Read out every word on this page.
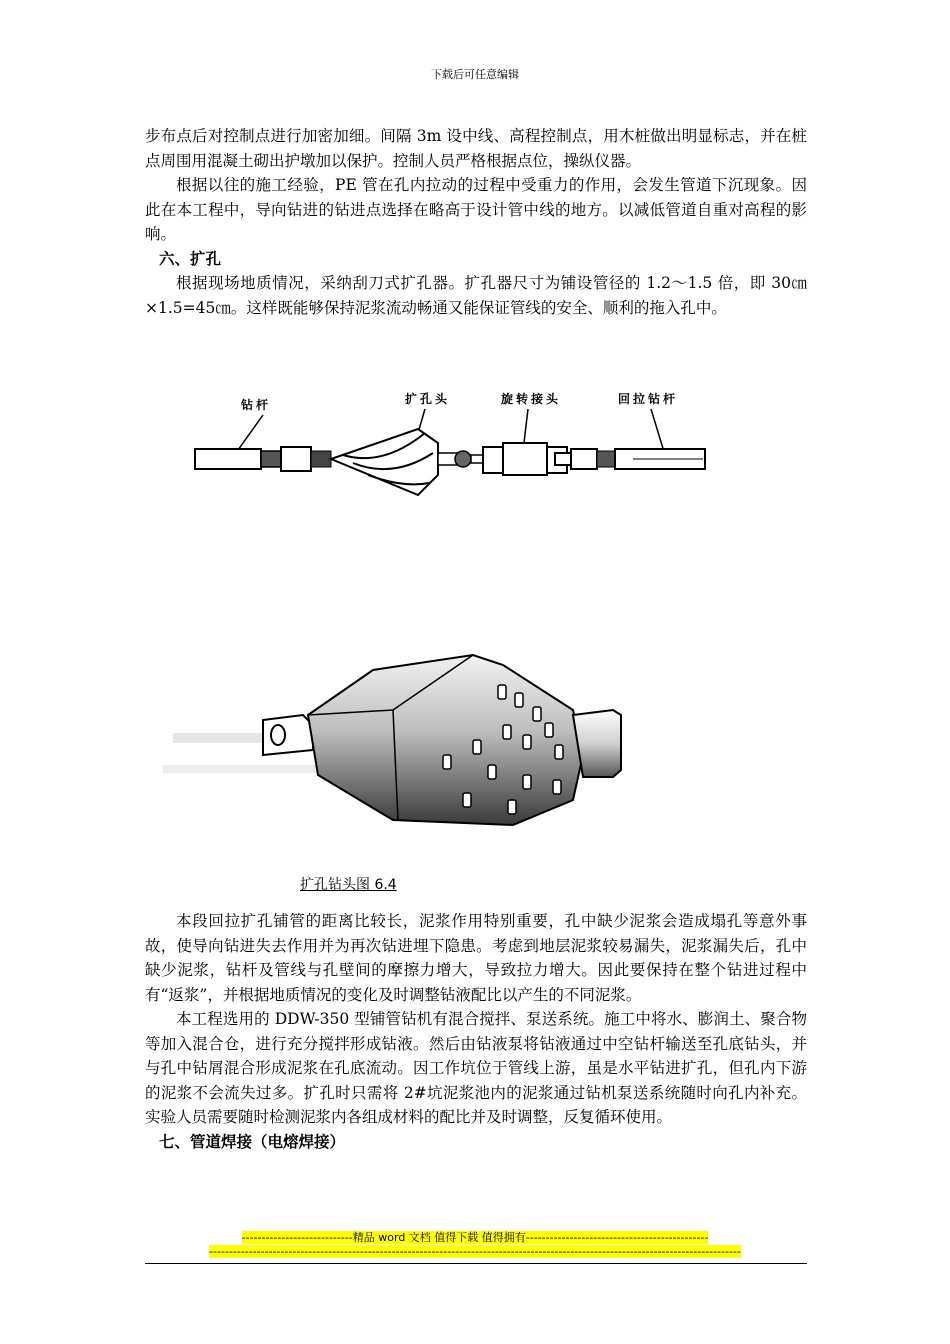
下载后可任意编辑

步布点后对控制点进行加密加细。间隔 3m 设中线、高程控制点，用木桩做出明显标志，并在桩点周围用混凝土砌出护墩加以保护。控制人员严格根据点位，操纵仪器。

根据以往的施工经验，PE 管在孔内拉动的过程中受重力的作用，会发生管道下沉现象。因此在本工程中，导向钻进的钻进点选择在略高于设计管中线的地方。以减低管道自重对高程的影响。

六、扩孔

根据现场地质情况，采纳刮刀式扩孔器。扩孔器尺寸为铺设管径的 1.2～1.5 倍，即 30㎝×1.5=45㎝。这样既能够保持泥浆流动畅通又能保证管线的安全、顺利的拖入孔中。

钻杆	扩孔头	旋转接头	回拉钻杆
扩孔钻头图 6.4

本段回拉扩孔铺管的距离比较长，泥浆作用特别重要，孔中缺少泥浆会造成塌孔等意外事故，使导向钻进失去作用并为再次钻进埋下隐患。考虑到地层泥浆较易漏失，泥浆漏失后，孔中缺少泥浆，钻杆及管线与孔壁间的摩擦力增大，导致拉力增大。因此要保持在整个钻进过程中有“返浆”，并根据地质情况的变化及时调整钻液配比以产生的不同泥浆。

本工程选用的 DDW-350 型铺管钻机有混合搅拌、泵送系统。施工中将水、膨润土、聚合物等加入混合仓，进行充分搅拌形成钻液。然后由钻液泵将钻液通过中空钻杆输送至孔底钻头，并与孔中钻屑混合形成泥浆在孔底流动。因工作坑位于管线上游，虽是水平钻进扩孔，但孔内下游的泥浆不会流失过多。扩孔时只需将 2#坑泥浆池内的泥浆通过钻机泵送系统随时向孔内补充。实验人员需要随时检测泥浆内各组成材料的配比并及时调整，反复循环使用。

七、管道焊接（电熔焊接）

----------------------------精品 word 文档 值得下载 值得拥有----------------------------------------------
--------------------------------------------------------------------------------------------------------------------------------------
